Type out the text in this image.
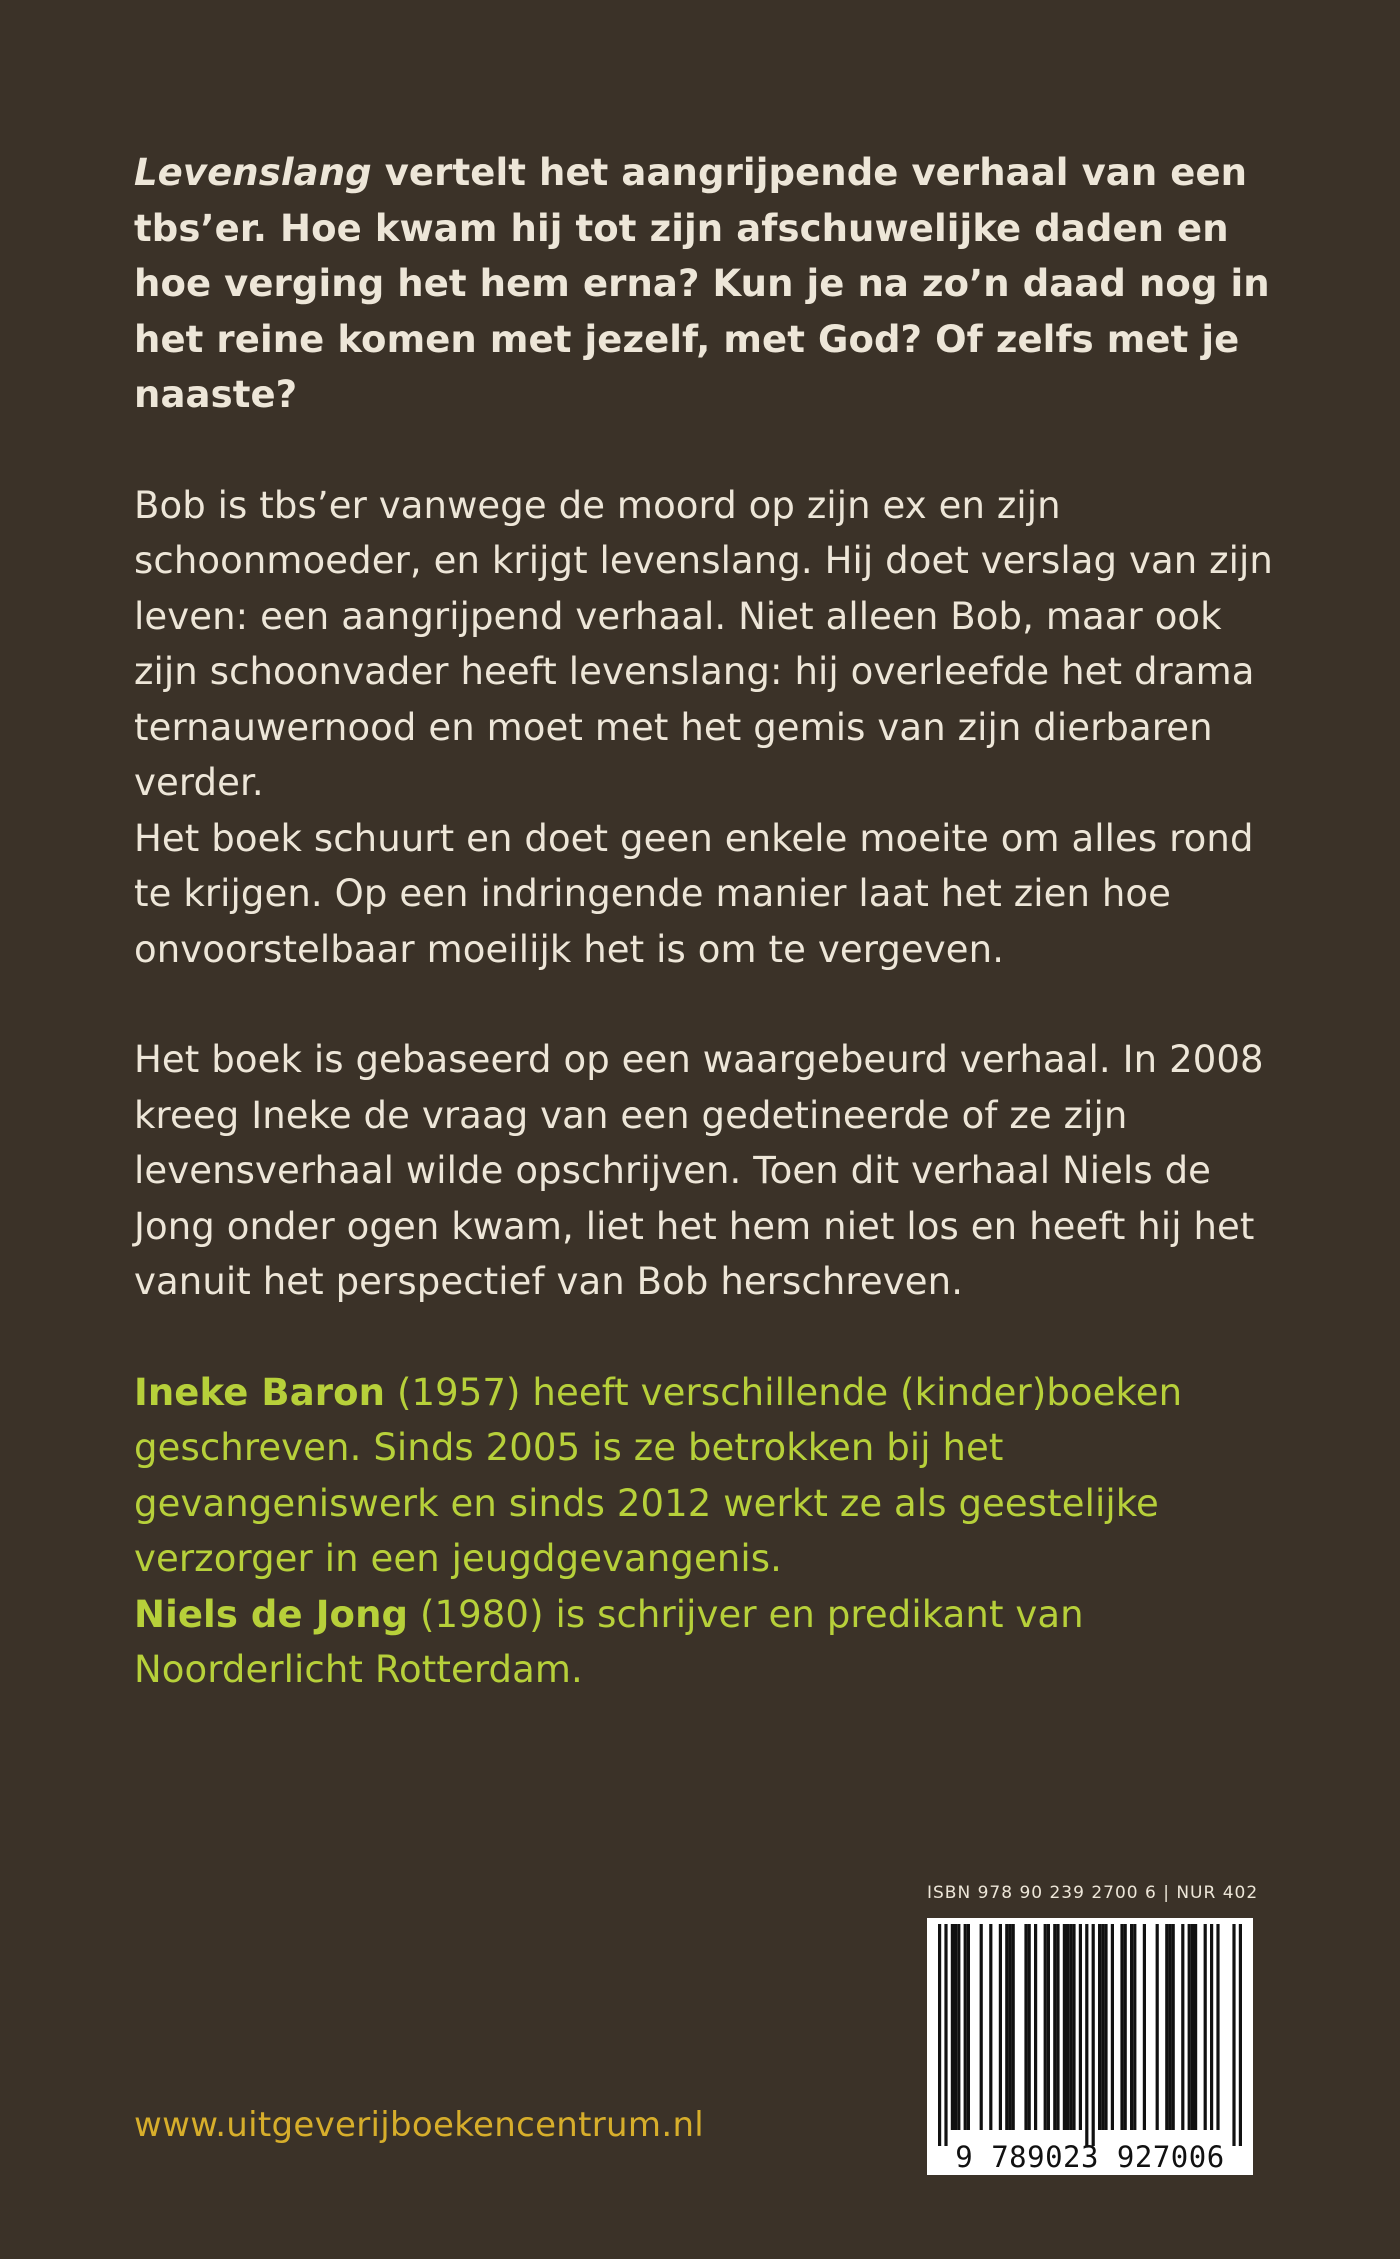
Levenslang vertelt het aangrijpende verhaal van een tbs’er. Hoe kwam hij tot zijn afschuwelijke daden en hoe verging het hem erna? Kun je na zo’n daad nog in het reine komen met jezelf, met God? Of zelfs met je naaste?

Bob is tbs’er vanwege de moord op zijn ex en zijn schoonmoeder, en krijgt levenslang. Hij doet verslag van zijn leven: een aangrijpend verhaal. Niet alleen Bob, maar ook zijn schoonvader heeft levenslang: hij overleefde het drama ternauwernood en moet met het gemis van zijn dierbaren verder.

Het boek schuurt en doet geen enkele moeite om alles rond te krijgen. Op een indringende manier laat het zien hoe onvoorstelbaar moeilijk het is om te vergeven.

Het boek is gebaseerd op een waargebeurd verhaal. In 2008 kreeg Ineke de vraag van een gedetineerde of ze zijn levensverhaal wilde opschrijven. Toen dit verhaal Niels de Jong onder ogen kwam, liet het hem niet los en heeft hij het vanuit het perspectief van Bob herschreven.

Ineke Baron (1957) heeft verschillende (kinder)boeken geschreven. Sinds 2005 is ze betrokken bij het gevangeniswerk en sinds 2012 werkt ze als geestelijke verzorger in een jeugdgevangenis.

Niels de Jong (1980) is schrijver en predikant van Noorderlicht Rotterdam.

ISBN 978 90 239 2700 6 | NUR 402
9 789023 927006
www.uitgeverijboekencentrum.nl
